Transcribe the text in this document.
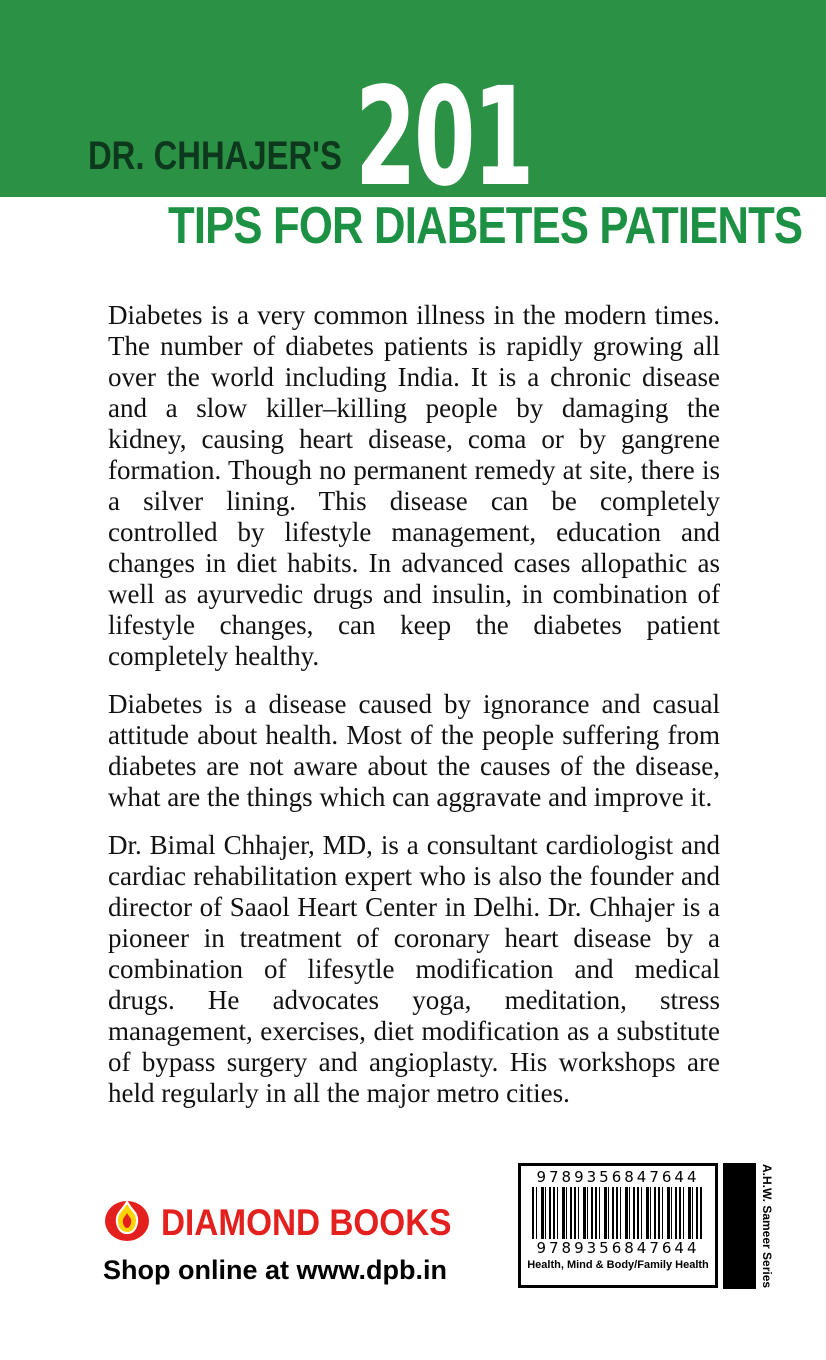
DR. CHHAJER'S 201
TIPS FOR DIABETES PATIENTS

Diabetes is a very common illness in the modern times. The number of diabetes patients is rapidly growing all over the world including India. It is a chronic disease and a slow killer–killing people by damaging the kidney, causing heart disease, coma or by gangrene formation. Though no permanent remedy at site, there is a silver lining. This disease can be completely controlled by lifestyle management, education and changes in diet habits. In advanced cases allopathic as well as ayurvedic drugs and insulin, in combination of lifestyle changes, can keep the diabetes patient completely healthy.

Diabetes is a disease caused by ignorance and casual attitude about health. Most of the people suffering from diabetes are not aware about the causes of the disease, what are the things which can aggravate and improve it.

Dr. Bimal Chhajer, MD, is a consultant cardiologist and cardiac rehabilitation expert who is also the founder and director of Saaol Heart Center in Delhi. Dr. Chhajer is a pioneer in treatment of coronary heart disease by a combination of lifesytle modification and medical drugs. He advocates yoga, meditation, stress management, exercises, diet modification as a substitute of bypass surgery and angioplasty. His workshops are held regularly in all the major metro cities.

DIAMOND BOOKS
Shop online at www.dpb.in
9789356847644
9789356847644
Health, Mind & Body/Family Health	A.H.W. Sameer Series
